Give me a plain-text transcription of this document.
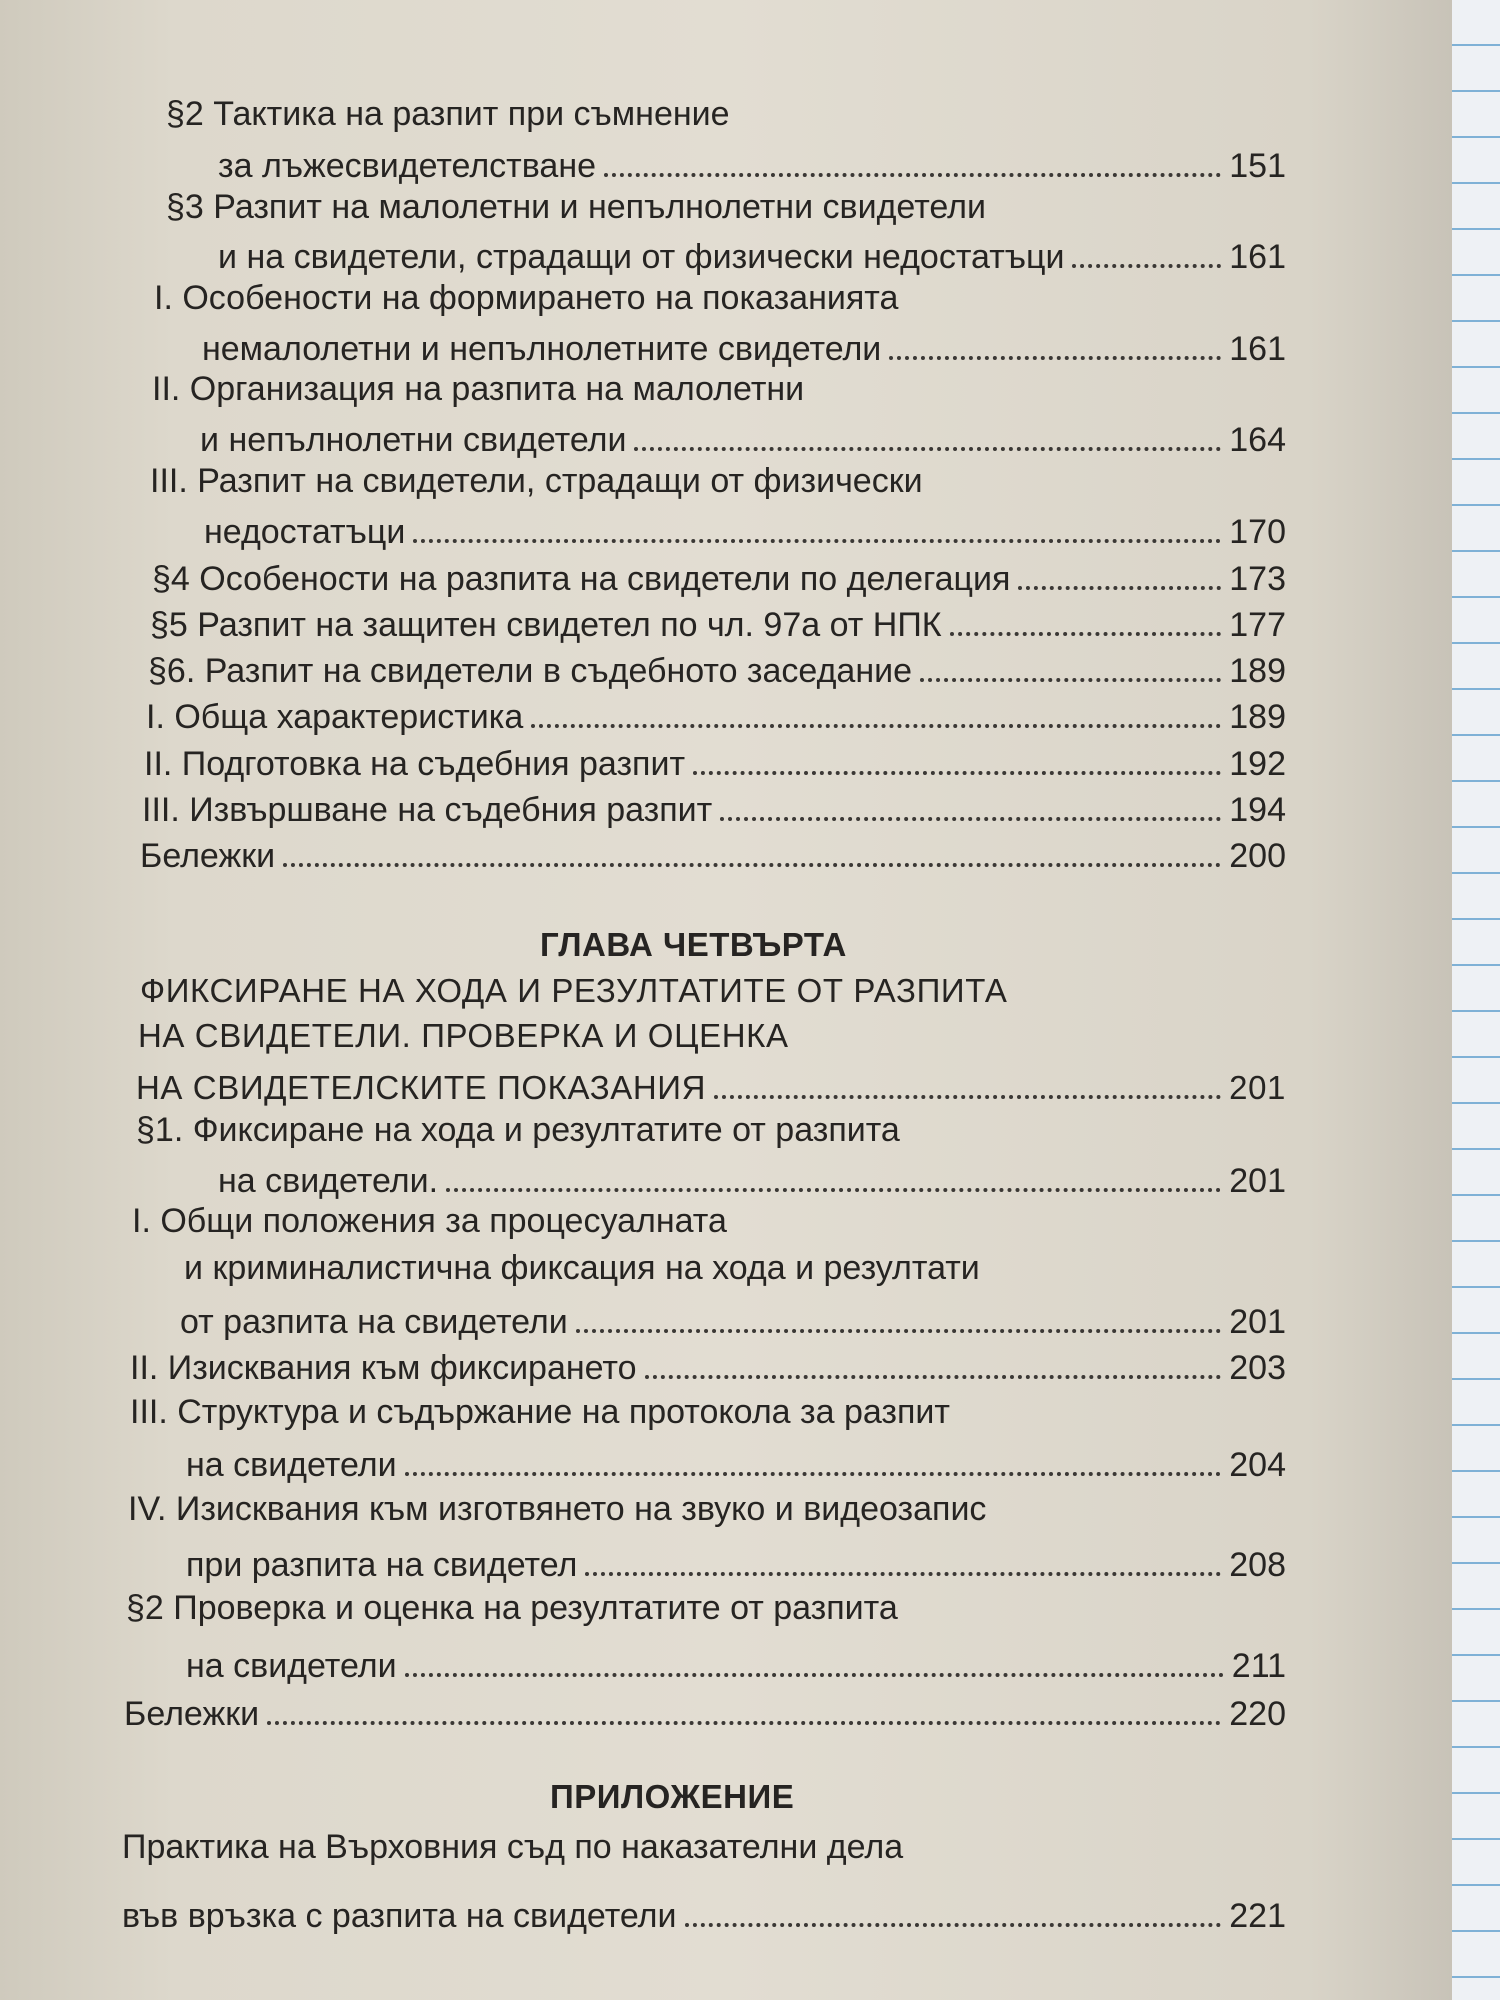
§2 Тактика на разпит при съмнение
за лъжесвидетелстване	151
§3 Разпит на малолетни и непълнолетни свидетели
и на свидетели, страдащи от физически недостатъци	161
I. Особености на формирането на показанията
немалолетни и непълнолетните свидетели	161
II. Организация на разпита на малолетни
и непълнолетни свидетели	164
III. Разпит на свидетели, страдащи от физически
недостатъци	170
§4 Особености на разпита на свидетели по делегация	173
§5 Разпит на защитен свидетел по чл. 97а от НПК	177
§6. Разпит на свидетели в съдебното заседание	189
I. Обща характеристика	189
II. Подготовка на съдебния разпит	192
III. Извършване на съдебния разпит	194
Бележки	200
ГЛАВА ЧЕТВЪРТА
ФИКСИРАНЕ НА ХОДА И РЕЗУЛТАТИТЕ ОТ РАЗПИТА
НА СВИДЕТЕЛИ. ПРОВЕРКА И ОЦЕНКА
НА СВИДЕТЕЛСКИТЕ ПОКАЗАНИЯ	201
§1. Фиксиране на хода и резултатите от разпита
на свидетели.	201
I. Общи положения за процесуалната
и криминалистична фиксация на хода и резултати
от разпита на свидетели	201
II. Изисквания към фиксирането	203
III. Структура и съдържание на протокола за разпит
на свидетели	204
IV. Изисквания към изготвянето на звуко и видеозапис
при разпита на свидетел	208
§2 Проверка и оценка на резултатите от разпита
на свидетели	211
Бележки	220
ПРИЛОЖЕНИЕ
Практика на Върховния съд по наказателни дела
във връзка с разпита на свидетели	221
